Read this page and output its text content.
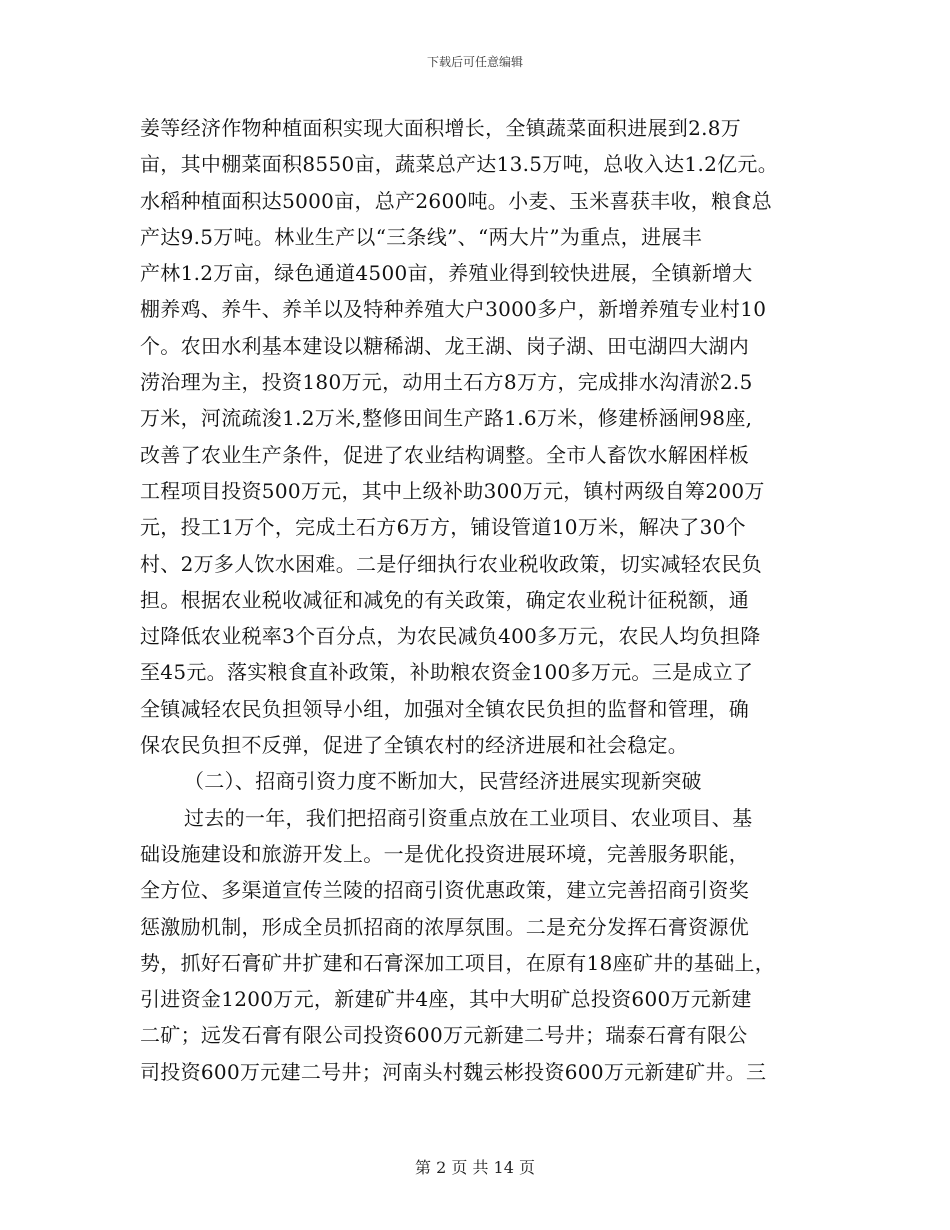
下载后可任意编辑
姜等经济作物种植面积实现大面积增长，全镇蔬菜面积进展到2.8万
亩，其中棚菜面积8550亩，蔬菜总产达13.5万吨，总收入达1.2亿元。
水稻种植面积达5000亩，总产2600吨。小麦、玉米喜获丰收，粮食总
产达9.5万吨。林业生产以“三条线”、“两大片”为重点，进展丰
产林1.2万亩，绿色通道4500亩，养殖业得到较快进展，全镇新增大
棚养鸡、养牛、养羊以及特种养殖大户3000多户，新增养殖专业村10
个。农田水利基本建设以糖稀湖、龙王湖、岗子湖、田屯湖四大湖内
涝治理为主，投资180万元，动用土石方8万方，完成排水沟清淤2.5
万米，河流疏浚1.2万米,整修田间生产路1.6万米，修建桥涵闸98座,
改善了农业生产条件，促进了农业结构调整。全市人畜饮水解困样板
工程项目投资500万元，其中上级补助300万元，镇村两级自筹200万
元，投工1万个，完成土石方6万方，铺设管道10万米，解决了30个
村、2万多人饮水困难。二是仔细执行农业税收政策，切实减轻农民负
担。根据农业税收减征和减免的有关政策，确定农业税计征税额，通
过降低农业税率3个百分点，为农民减负400多万元，农民人均负担降
至45元。落实粮食直补政策，补助粮农资金100多万元。三是成立了
全镇减轻农民负担领导小组，加强对全镇农民负担的监督和管理，确
保农民负担不反弹，促进了全镇农村的经济进展和社会稳定。
（二）、招商引资力度不断加大，民营经济进展实现新突破
过去的一年，我们把招商引资重点放在工业项目、农业项目、基
础设施建设和旅游开发上。一是优化投资进展环境，完善服务职能，
全方位、多渠道宣传兰陵的招商引资优惠政策，建立完善招商引资奖
惩激励机制，形成全员抓招商的浓厚氛围。二是充分发挥石膏资源优
势，抓好石膏矿井扩建和石膏深加工项目，在原有18座矿井的基础上，
引进资金1200万元，新建矿井4座，其中大明矿总投资600万元新建
二矿；远发石膏有限公司投资600万元新建二号井；瑞泰石膏有限公
司投资600万元建二号井；河南头村魏云彬投资600万元新建矿井。三
第 2 页 共 14 页
